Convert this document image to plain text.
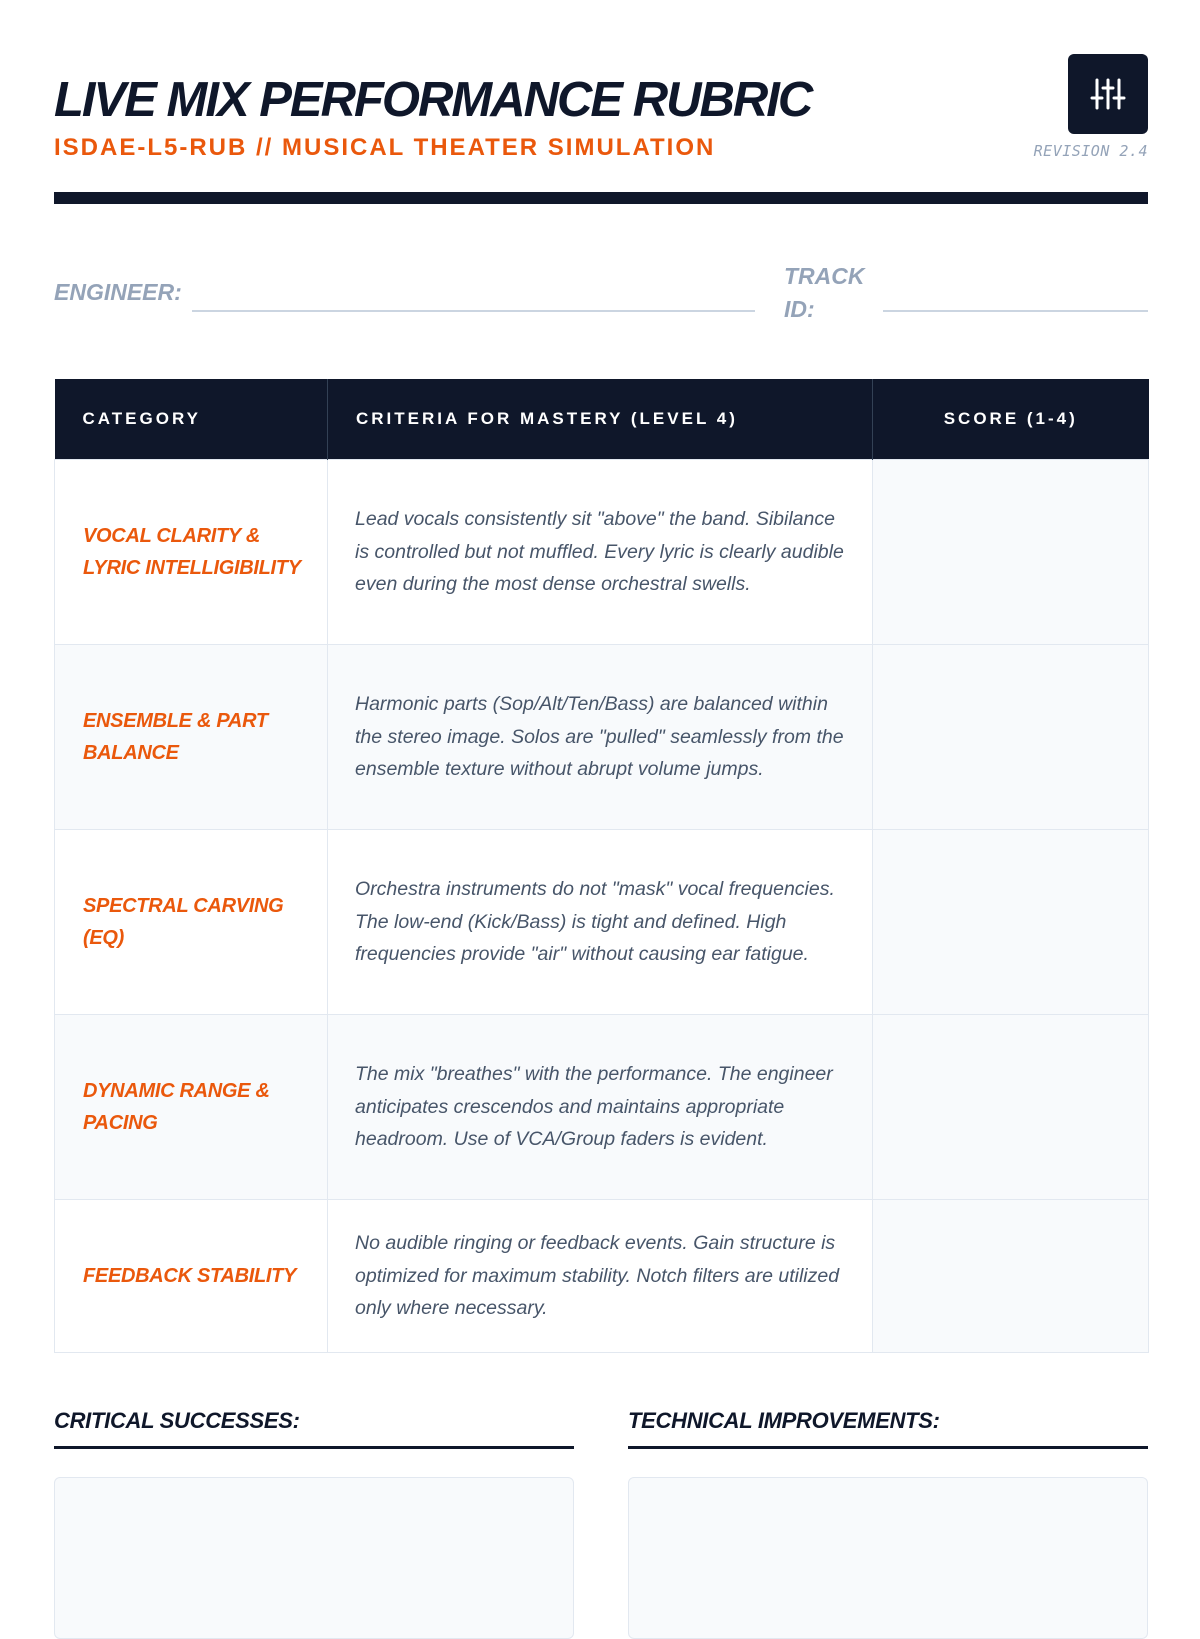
LIVE MIX PERFORMANCE RUBRIC
ISDAE-L5-RUB // MUSICAL THEATER SIMULATION	REVISION 2.4
ENGINEER:
TRACK ID:
CATEGORY	CRITERIA FOR MASTERY (LEVEL 4)	SCORE (1-4)
VOCAL CLARITY & LYRIC INTELLIGIBILITY	Lead vocals consistently sit "above" the band. Sibilance is controlled but not muffled. Every lyric is clearly audible even during the most dense orchestral swells.	
ENSEMBLE & PART BALANCE	Harmonic parts (Sop/Alt/Ten/Bass) are balanced within the stereo image. Solos are "pulled" seamlessly from the ensemble texture without abrupt volume jumps.	
SPECTRAL CARVING (EQ)	Orchestra instruments do not "mask" vocal frequencies. The low-end (Kick/Bass) is tight and defined. High frequencies provide "air" without causing ear fatigue.	
DYNAMIC RANGE & PACING	The mix "breathes" with the performance. The engineer anticipates crescendos and maintains appropriate headroom. Use of VCA/Group faders is evident.	
FEEDBACK STABILITY	No audible ringing or feedback events. Gain structure is optimized for maximum stability. Notch filters are utilized only where necessary.	
CRITICAL SUCCESSES:	TECHNICAL IMPROVEMENTS:
